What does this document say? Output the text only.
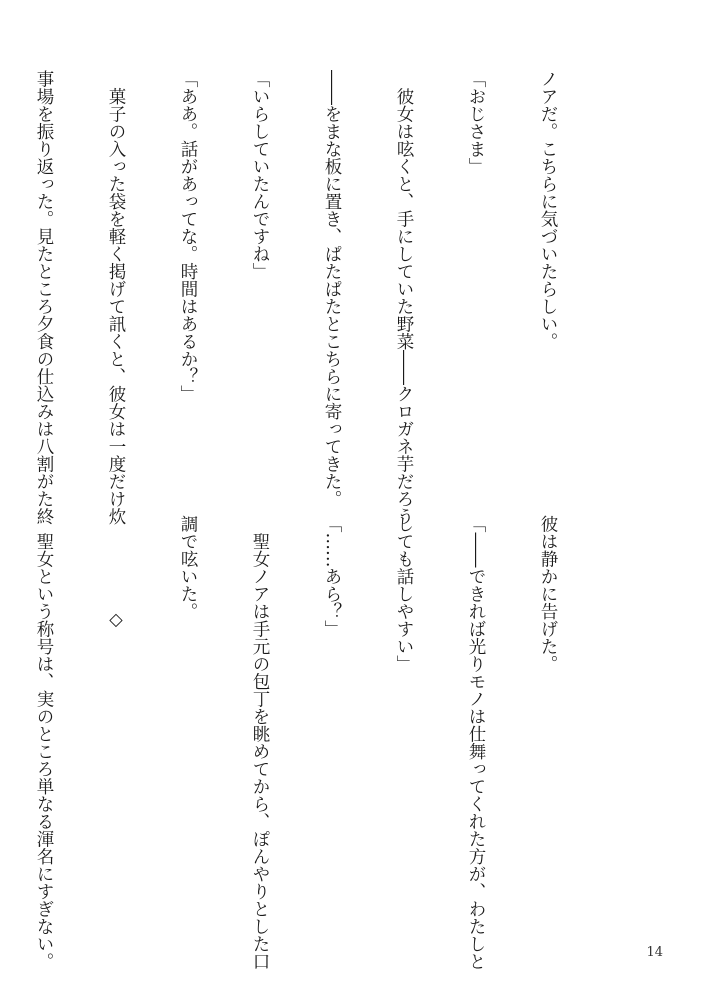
ノアだ。こちらに気づいたらしい。

「おじさま」

　彼女は呟くと、手にしていた野菜――クロガネ芋だろう

――をまな板に置き、ぱたぱたとこちらに寄ってきた。

「いらしていたんですね」

「ああ。話があってな。時間はあるか？」

　菓子の入った袋を軽く掲げて訊くと、彼女は一度だけ炊

事場を振り返った。見たところ夕食の仕込みは八割がた終

彼は静かに告げた。

「――できれば光りモノは仕舞ってくれた方が、わたしと

しても話しやすい」

「……あら？」

　聖女ノアは手元の包丁を眺めてから、ぽんやりとした口

調で呟いた。

◇

　聖女という称号は、実のところ単なる渾名にすぎない。

	14
